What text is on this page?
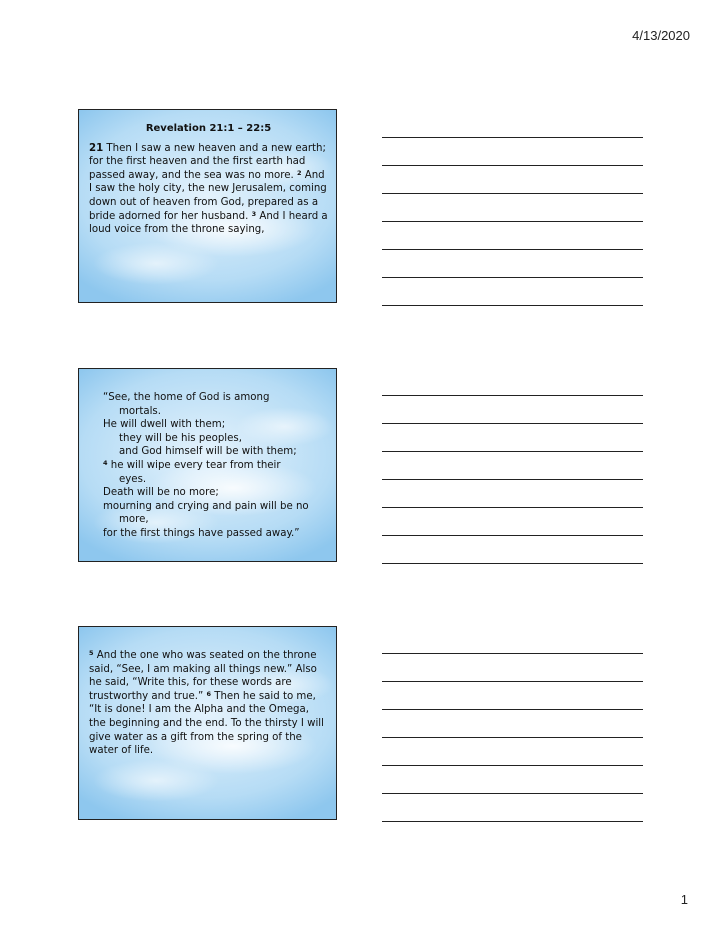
4/13/2020
Revelation 21:1 – 22:5
21 Then I saw a new heaven and a new earth; for the first heaven and the first earth had passed away, and the sea was no more. $^2$ And I saw the holy city, the new Jerusalem, coming down out of heaven from God, prepared as a bride adorned for her husband. $^3$ And I heard a loud voice from the throne saying,

“See, the home of God is among

mortals.

He will dwell with them;

they will be his peoples,

and God himself will be with them;

$^4$ he will wipe every tear from their

eyes.

Death will be no more;

mourning and crying and pain will be no

more,

for the first things have passed away.”

$^5$ And the one who was seated on the throne said, “See, I am making all things new.” Also he said, “Write this, for these words are trustworthy and true.” $^6$ Then he said to me, “It is done! I am the Alpha and the Omega, the beginning and the end. To the thirsty I will give water as a gift from the spring of the water of life.
1
